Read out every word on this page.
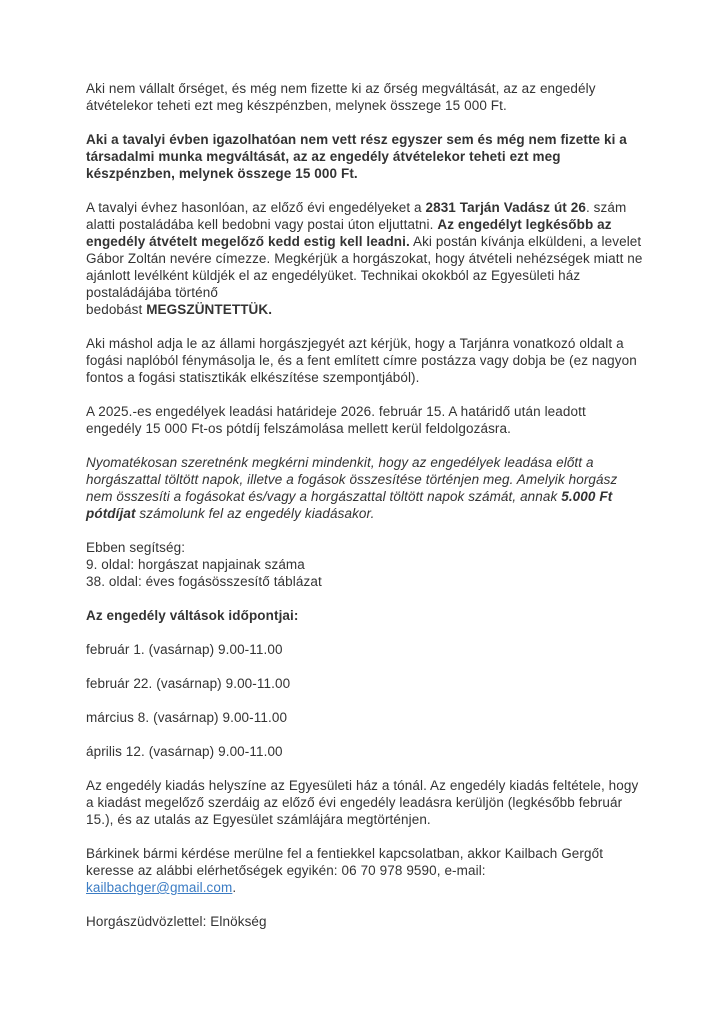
Aki nem vállalt őrséget, és még nem fizette ki az őrség megváltását, az az engedély átvételekor teheti ezt meg készpénzben, melynek összege 15 000 Ft.

Aki a tavalyi évben igazolhatóan nem vett rész egyszer sem és még nem fizette ki a társadalmi munka megváltását, az az engedély átvételekor teheti ezt meg készpénzben, melynek összege 15 000 Ft.

A tavalyi évhez hasonlóan, az előző évi engedélyeket a 2831 Tarján Vadász út 26. szám alatti postaládába kell bedobni vagy postai úton eljuttatni. Az engedélyt legkésőbb az engedély átvételt megelőző kedd estig kell leadni. Aki postán kívánja elküldeni, a levelet Gábor Zoltán nevére címezze. Megkérjük a horgászokat, hogy átvételi nehézségek miatt ne ajánlott levélként küldjék el az engedélyüket. Technikai okokból az Egyesületi ház postaládájába történő
bedobást MEGSZÜNTETTÜK.

Aki máshol adja le az állami horgászjegyét azt kérjük, hogy a Tarjánra vonatkozó oldalt a fogási naplóból fénymásolja le, és a fent említett címre postázza vagy dobja be (ez nagyon fontos a fogási statisztikák elkészítése szempontjából).

A 2025.-es engedélyek leadási határideje 2026. február 15. A határidő után leadott engedély 15 000 Ft-os pótdíj felszámolása mellett kerül feldolgozásra.

Nyomatékosan szeretnénk megkérni mindenkit, hogy az engedélyek leadása előtt a horgászattal töltött napok, illetve a fogások összesítése történjen meg. Amelyik horgász nem összesíti a fogásokat és/vagy a horgászattal töltött napok számát, annak 5.000 Ft pótdíjat számolunk fel az engedély kiadásakor.

Ebben segítség:
9. oldal: horgászat napjainak száma
38. oldal: éves fogásösszesítő táblázat

Az engedély váltások időpontjai:

február 1. (vasárnap) 9.00-11.00

február 22. (vasárnap) 9.00-11.00

március 8. (vasárnap) 9.00-11.00

április 12. (vasárnap) 9.00-11.00

Az engedély kiadás helyszíne az Egyesületi ház a tónál. Az engedély kiadás feltétele, hogy a kiadást megelőző szerdáig az előző évi engedély leadásra kerüljön (legkésőbb február 15.), és az utalás az Egyesület számlájára megtörténjen.

Bárkinek bármi kérdése merülne fel a fentiekkel kapcsolatban, akkor Kailbach Gergőt keresse az alábbi elérhetőségek egyikén: 06 70 978 9590, e-mail:
kailbachger@gmail.com.

Horgászüdvözlettel: Elnökség
